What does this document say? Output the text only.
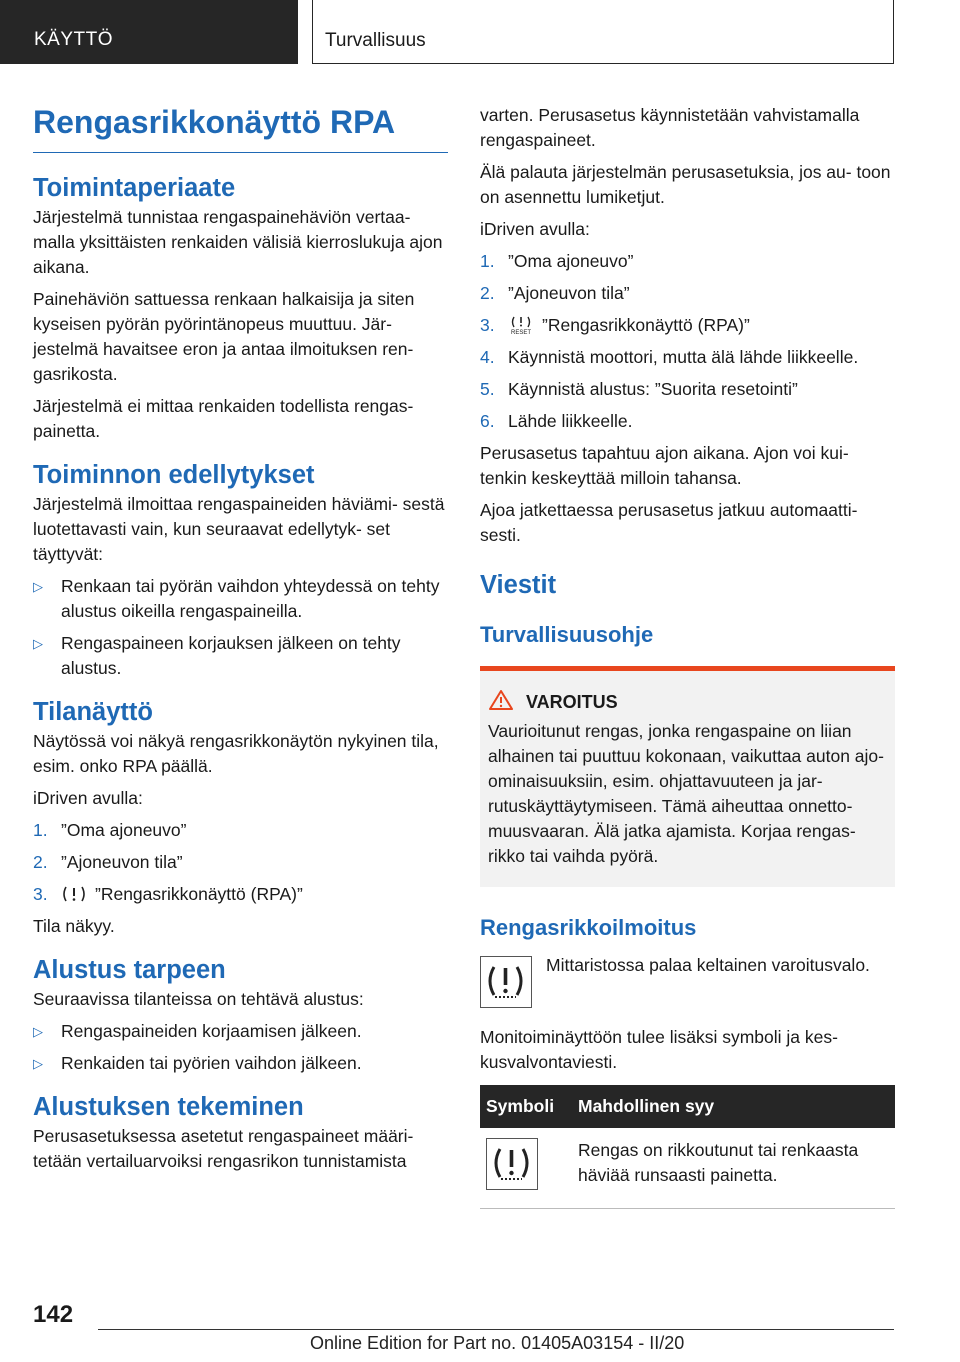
KÄYTTÖ	Turvallisuus
Rengasrikkonäyttö RPA
Toimintaperiaate

Järjestelmä tunnistaa rengaspainehäviön vertaa- malla yksittäisten renkaiden välisiä kierroslukuja ajon aikana.

Painehäviön sattuessa renkaan halkaisija ja siten kyseisen pyörän pyörintänopeus muuttuu. Jär- jestelmä havaitsee eron ja antaa ilmoituksen ren- gasrikosta.

Järjestelmä ei mittaa renkaiden todellista rengas- painetta.

Toiminnon edellytykset

Järjestelmä ilmoittaa rengaspaineiden häviämi- sestä luotettavasti vain, kun seuraavat edellytyk- set täyttyvät:

▷ Renkaan tai pyörän vaihdon yhteydessä on tehty alustus oikeilla rengaspaineilla.
▷ Rengaspaineen korjauksen jälkeen on tehty alustus.
Tilanäyttö

Näytössä voi näkyä rengasrikkonäytön nykyinen tila, esim. onko RPA päällä.

iDriven avulla:

1. ”Oma ajoneuvo”
2. ”Ajoneuvon tila”
3.	”Rengasrikkonäyttö (RPA)”

Tila näkyy.

Alustus tarpeen

Seuraavissa tilanteissa on tehtävä alustus:

▷ Rengaspaineiden korjaamisen jälkeen.
▷ Renkaiden tai pyörien vaihdon jälkeen.
Alustuksen tekeminen

Perusasetuksessa asetetut rengaspaineet määri- tetään vertailuarvoiksi rengasrikon tunnistamista

varten. Perusasetus käynnistetään vahvistamalla rengaspaineet.

Älä palauta järjestelmän perusasetuksia, jos au- toon on asennettu lumiketjut.

iDriven avulla:

1. ”Oma ajoneuvo”
2. ”Ajoneuvon tila”
3.	RESET ”Rengasrikkonäyttö (RPA)”
4. Käynnistä moottori, mutta älä lähde liikkeelle.
5. Käynnistä alustus: ”Suorita resetointi”
6. Lähde liikkeelle.

Perusasetus tapahtuu ajon aikana. Ajon voi kui- tenkin keskeyttää milloin tahansa.

Ajoa jatkettaessa perusasetus jatkuu automaatti- sesti.

Viestit
Turvallisuusohje
VAROITUS
Vaurioitunut rengas, jonka rengaspaine on liian alhainen tai puuttuu kokonaan, vaikuttaa auton ajo-ominaisuuksiin, esim. ohjattavuuteen ja jar- rutuskäyttäytymiseen. Tämä aiheuttaa onnetto- muusvaaran. Älä jatka ajamista. Korjaa rengas- rikko tai vaihda pyörä.
Rengasrikkoilmoitus
Mittaristossa palaa keltainen varoitusvalo.

Monitoiminäyttöön tulee lisäksi symboli ja kes- kusvalvontaviesti.

Symboli	Mahdollinen syy

	Rengas on rikkoutunut tai renkaasta häviää runsaasti painetta.
142
Online Edition for Part no. 01405A03154 - II/20
